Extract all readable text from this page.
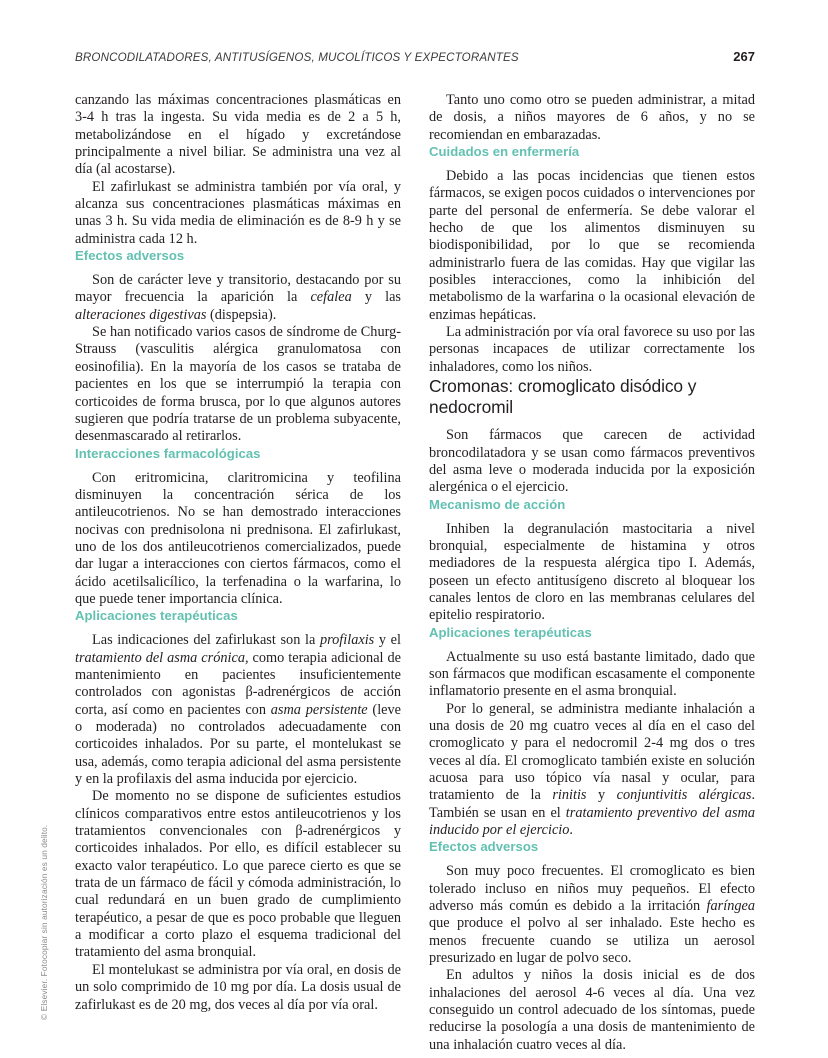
BRONCODILATADORES, ANTITUSÍGENOS, MUCOLÍTICOS Y EXPECTORANTES	267
© Elsevier. Fotocopiar sin autorización es un delito.

canzando las máximas concentraciones plasmáticas en 3-4 h tras la ingesta. Su vida media es de 2 a 5 h, metabolizándose en el hígado y excretándose principalmente a nivel biliar. Se administra una vez al día (al acostarse).

El zafirlukast se administra también por vía oral, y alcanza sus concentraciones plasmáticas máximas en unas 3 h. Su vida media de eliminación es de 8-9 h y se administra cada 12 h.

Efectos adversos

Son de carácter leve y transitorio, destacando por su mayor frecuencia la aparición la cefalea y las alteraciones digestivas (dispepsia).

Se han notificado varios casos de síndrome de Churg-Strauss (vasculitis alérgica granulomatosa con eosinofilia). En la mayoría de los casos se trataba de pacientes en los que se interrumpió la terapia con corticoides de forma brusca, por lo que algunos autores sugieren que podría tratarse de un problema subyacente, desenmascarado al retirarlos.

Interacciones farmacológicas

Con eritromicina, claritromicina y teofilina disminuyen la concentración sérica de los antileucotrienos. No se han demostrado interacciones nocivas con prednisolona ni prednisona. El zafirlukast, uno de los dos antileucotrienos comercializados, puede dar lugar a interacciones con ciertos fármacos, como el ácido acetilsalicílico, la terfenadina o la warfarina, lo que puede tener importancia clínica.

Aplicaciones terapéuticas

Las indicaciones del zafirlukast son la profilaxis y el tratamiento del asma crónica, como terapia adicional de mantenimiento en pacientes insuficientemente controlados con agonistas β-adrenérgicos de acción corta, así como en pacientes con asma persistente (leve o moderada) no controlados adecuadamente con corticoides inhalados. Por su parte, el montelukast se usa, además, como terapia adicional del asma persistente y en la profilaxis del asma inducida por ejercicio.

De momento no se dispone de suficientes estudios clínicos comparativos entre estos antileucotrienos y los tratamientos convencionales con β-adrenérgicos y corticoides inhalados. Por ello, es difícil establecer su exacto valor terapéutico. Lo que parece cierto es que se trata de un fármaco de fácil y cómoda administración, lo cual redundará en un buen grado de cumplimiento terapéutico, a pesar de que es poco probable que lleguen a modificar a corto plazo el esquema tradicional del tratamiento del asma bronquial.

El montelukast se administra por vía oral, en dosis de un solo comprimido de 10 mg por día. La dosis usual de zafirlukast es de 20 mg, dos veces al día por vía oral.

Tanto uno como otro se pueden administrar, a mitad de dosis, a niños mayores de 6 años, y no se recomiendan en embarazadas.

Cuidados en enfermería

Debido a las pocas incidencias que tienen estos fármacos, se exigen pocos cuidados o intervenciones por parte del personal de enfermería. Se debe valorar el hecho de que los alimentos disminuyen su biodisponibilidad, por lo que se recomienda administrarlo fuera de las comidas. Hay que vigilar las posibles interacciones, como la inhibición del metabolismo de la warfarina o la ocasional elevación de enzimas hepáticas.

La administración por vía oral favorece su uso por las personas incapaces de utilizar correctamente los inhaladores, como los niños.

Cromonas: cromoglicato disódico y nedocromil

Son fármacos que carecen de actividad broncodilatadora y se usan como fármacos preventivos del asma leve o moderada inducida por la exposición alergénica o el ejercicio.

Mecanismo de acción

Inhiben la degranulación mastocitaria a nivel bronquial, especialmente de histamina y otros mediadores de la respuesta alérgica tipo I. Además, poseen un efecto antitusígeno discreto al bloquear los canales lentos de cloro en las membranas celulares del epitelio respiratorio.

Aplicaciones terapéuticas

Actualmente su uso está bastante limitado, dado que son fármacos que modifican escasamente el componente inflamatorio presente en el asma bronquial.

Por lo general, se administra mediante inhalación a una dosis de 20 mg cuatro veces al día en el caso del cromoglicato y para el nedocromil 2-4 mg dos o tres veces al día. El cromoglicato también existe en solución acuosa para uso tópico vía nasal y ocular, para tratamiento de la rinitis y conjuntivitis alérgicas. También se usan en el tratamiento preventivo del asma inducido por el ejercicio.

Efectos adversos

Son muy poco frecuentes. El cromoglicato es bien tolerado incluso en niños muy pequeños. El efecto adverso más común es debido a la irritación faríngea que produce el polvo al ser inhalado. Este hecho es menos frecuente cuando se utiliza un aerosol presurizado en lugar de polvo seco.

En adultos y niños la dosis inicial es de dos inhalaciones del aerosol 4-6 veces al día. Una vez conseguido un control adecuado de los síntomas, puede reducirse la posología a una dosis de mantenimiento de una inhalación cuatro veces al día.
